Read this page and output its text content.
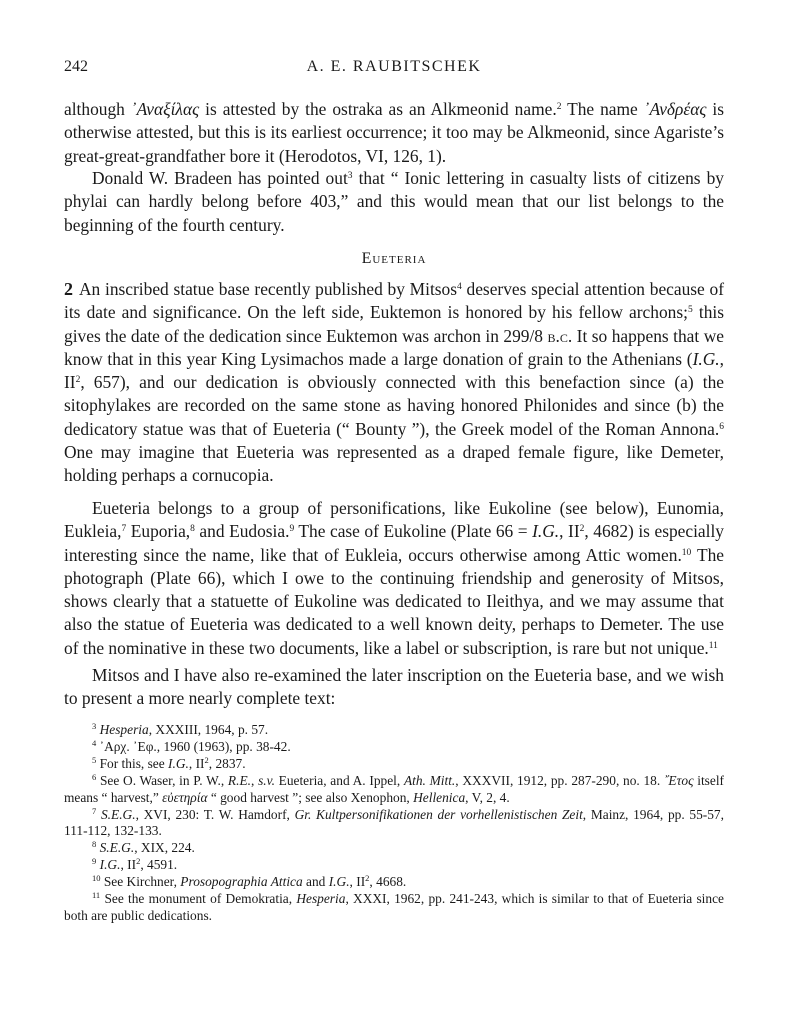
242	A. E. RAUBITSCHEK
although ᾿Αναξίλας is attested by the ostraka as an Alkmeonid name.$^2$ The name ᾿Ανδρέας is otherwise attested, but this is its earliest occurrence; it too may be Alkmeonid, since Agariste’s great-great-grandfather bore it (Herodotos, VI, 126, 1).
Donald W. Bradeen has pointed out$^3$ that “ Ionic lettering in casualty lists of citizens by phylai can hardly belong before 403,” and this would mean that our list belongs to the beginning of the fourth century.
Eueteria
2 An inscribed statue base recently published by Mitsos$^4$ deserves special attention because of its date and significance. On the left side, Euktemon is honored by his fellow archons;$^5$ this gives the date of the dedication since Euktemon was archon in 299/8 b.c. It so happens that we know that in this year King Lysimachos made a large donation of grain to the Athenians (I.G., $II^2$, 657), and our dedication is obviously connected with this benefaction since (a) the sitophylakes are recorded on the same stone as having honored Philonides and since (b) the dedicatory statue was that of Eueteria (“ Bounty ”), the Greek model of the Roman Annona.$^6$ One may imagine that Eueteria was represented as a draped female figure, like Demeter, holding perhaps a cornucopia.
Eueteria belongs to a group of personifications, like Eukoline (see below), Eunomia, Eukleia,$^7$ Euporia,$^8$ and Eudosia.$^9$ The case of Eukoline (Plate 66 = I.G., $II^2$, 4682) is especially interesting since the name, like that of Eukleia, occurs otherwise among Attic women.$^{10}$ The photograph (Plate 66), which I owe to the continuing friendship and generosity of Mitsos, shows clearly that a statuette of Eukoline was dedicated to Ileithya, and we may assume that also the statue of Eueteria was dedicated to a well known deity, perhaps to Demeter. The use of the nominative in these two documents, like a label or subscription, is rare but not unique.$^{11}$
Mitsos and I have also re-examined the later inscription on the Eueteria base, and we wish to present a more nearly complete text:
$^3$ Hesperia, XXXIII, 1964, p. 57.
$^4$ ᾿Αρχ. ᾿Εφ., 1960 (1963), pp. 38-42.
$^5$ For this, see I.G., $II^2$, 2837.
$^6$ See O. Waser, in P. W., R.E., s.v. Eueteria, and A. Ippel, Ath. Mitt., XXXVII, 1912, pp. 287-290, no. 18. ῎Ετος itself means “ harvest,” εὐετηρία “ good harvest ”; see also Xenophon, Hellenica, V, 2, 4.
$^7$ S.E.G., XVI, 230: T. W. Hamdorf, Gr. Kultpersonifikationen der vorhellenistischen Zeit, Mainz, 1964, pp. 55-57, 111-112, 132-133.
$^8$ S.E.G., XIX, 224.
$^9$ I.G., $II^2$, 4591.
$^{10}$ See Kirchner, Prosopographia Attica and I.G., $II^2$, 4668.
$^{11}$ See the monument of Demokratia, Hesperia, XXXI, 1962, pp. 241-243, which is similar to that of Eueteria since both are public dedications.
